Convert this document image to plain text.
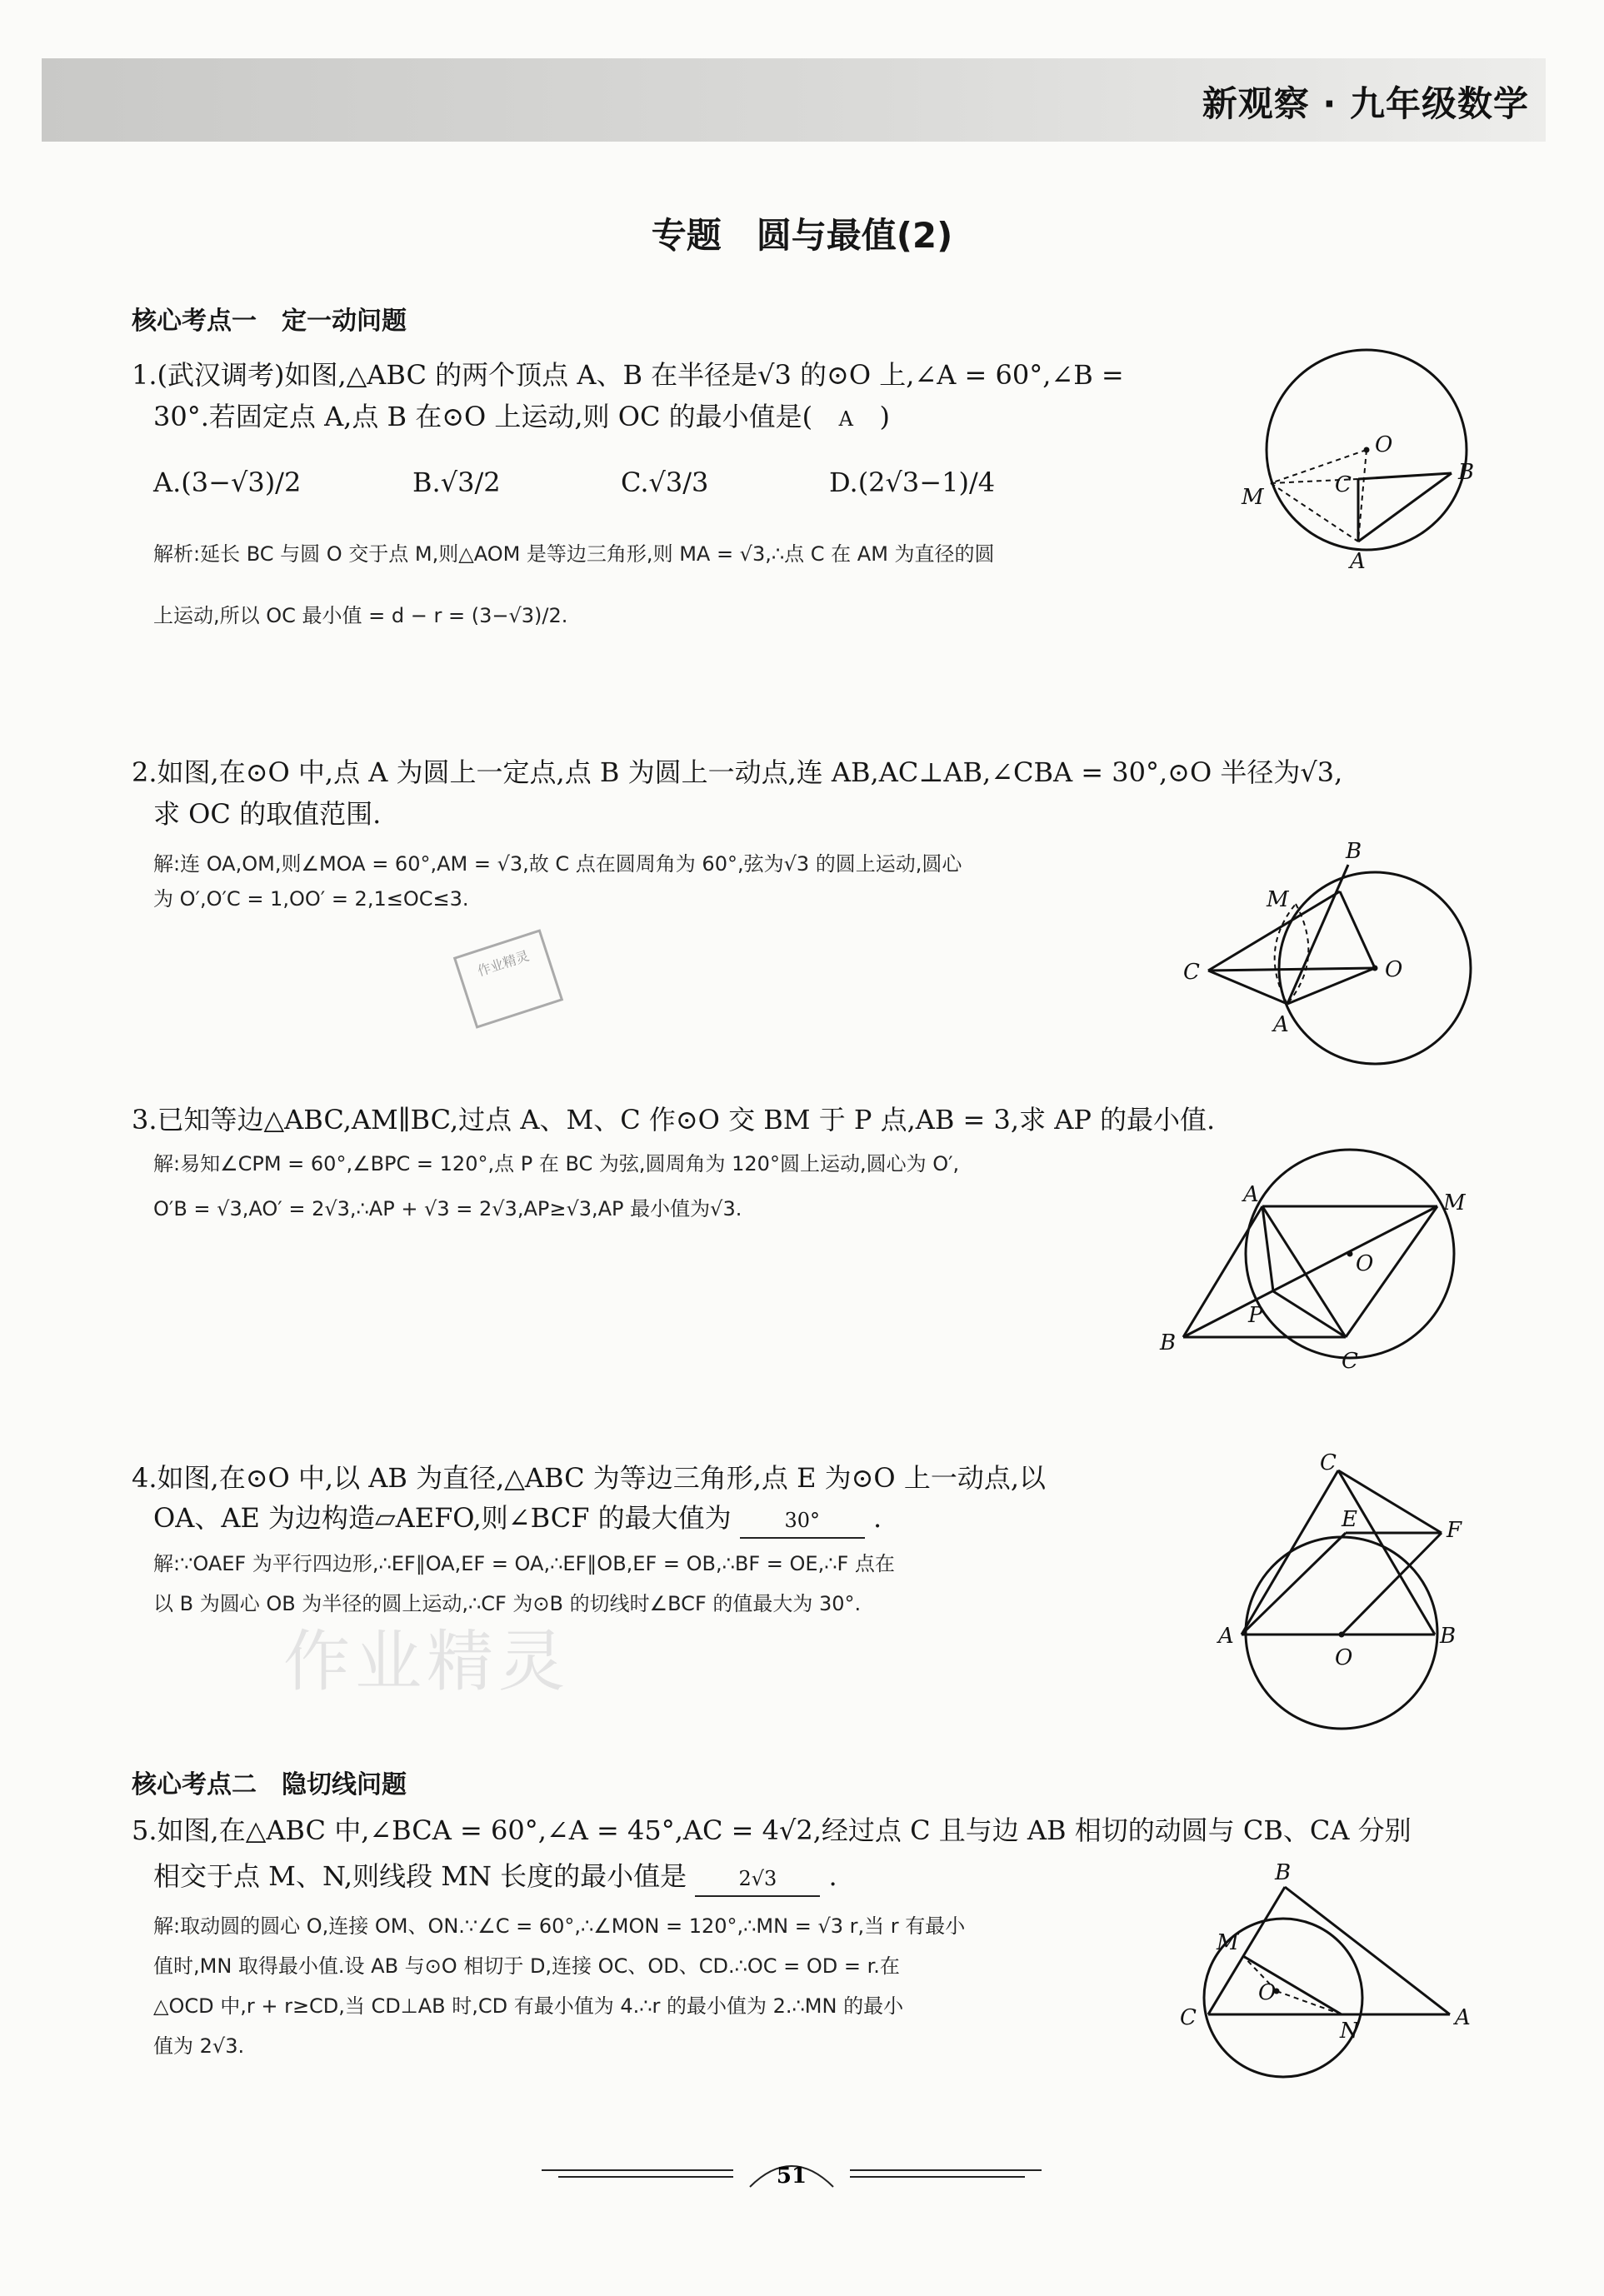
新观察 · 九年级数学
专题　圆与最值(2)
核心考点一　定一动问题
1.(武汉调考)如图,△ABC 的两个顶点 A、B 在半径是√3 的⊙O 上,∠A = 60°,∠B =
30°.若固定点 A,点 B 在⊙O 上运动,则 OC 的最小值是( A )
A.(3−√3)/2	B.√3/2	C.√3/3	D.(2√3−1)/4
解析:延长 BC 与圆 O 交于点 M,则△AOM 是等边三角形,则 MA = √3,∴点 C 在 AM 为直径的圆
上运动,所以 OC 最小值 = d − r = (3−√3)/2.
O
C
M
B
A
2.如图,在⊙O 中,点 A 为圆上一定点,点 B 为圆上一动点,连 AB,AC⊥AB,∠CBA = 30°,⊙O 半径为√3,
求 OC 的取值范围.
解:连 OA,OM,则∠MOA = 60°,AM = √3,故 C 点在圆周角为 60°,弦为√3 的圆上运动,圆心
为 O′,O′C = 1,OO′ = 2,1≤OC≤3.
作业精灵
B
M
C	O
A
3.已知等边△ABC,AM∥BC,过点 A、M、C 作⊙O 交 BM 于 P 点,AB = 3,求 AP 的最小值.
解:易知∠CPM = 60°,∠BPC = 120°,点 P 在 BC 为弦,圆周角为 120°圆上运动,圆心为 O′,
O′B = √3,AO′ = 2√3,∴AP + √3 = 2√3,AP≥√3,AP 最小值为√3.
A	M
O
P
B
C
4.如图,在⊙O 中,以 AB 为直径,△ABC 为等边三角形,点 E 为⊙O 上一动点,以
OA、AE 为边构造▱AEFO,则∠BCF 的最大值为	30° .
解:∵OAEF 为平行四边形,∴EF∥OA,EF = OA,∴EF∥OB,EF = OB,∴BF = OE,∴F 点在
以 B 为圆心 OB 为半径的圆上运动,∴CF 为⊙B 的切线时∠BCF 的值最大为 30°.
作业精灵
C
E	F
A
O
B
核心考点二　隐切线问题
5.如图,在△ABC 中,∠BCA = 60°,∠A = 45°,AC = 4√2,经过点 C 且与边 AB 相切的动圆与 CB、CA 分别
相交于点 M、N,则线段 MN 长度的最小值是	2√3 .
解:取动圆的圆心 O,连接 OM、ON.∵∠C = 60°,∴∠MON = 120°,∴MN = √3 r,当 r 有最小
值时,MN 取得最小值.设 AB 与⊙O 相切于 D,连接 OC、OD、CD.∴OC = OD = r.在
△OCD 中,r + r≥CD,当 CD⊥AB 时,CD 有最小值为 4.∴r 的最小值为 2.∴MN 的最小
值为 2√3.
B
M
O
C
N
A
51
